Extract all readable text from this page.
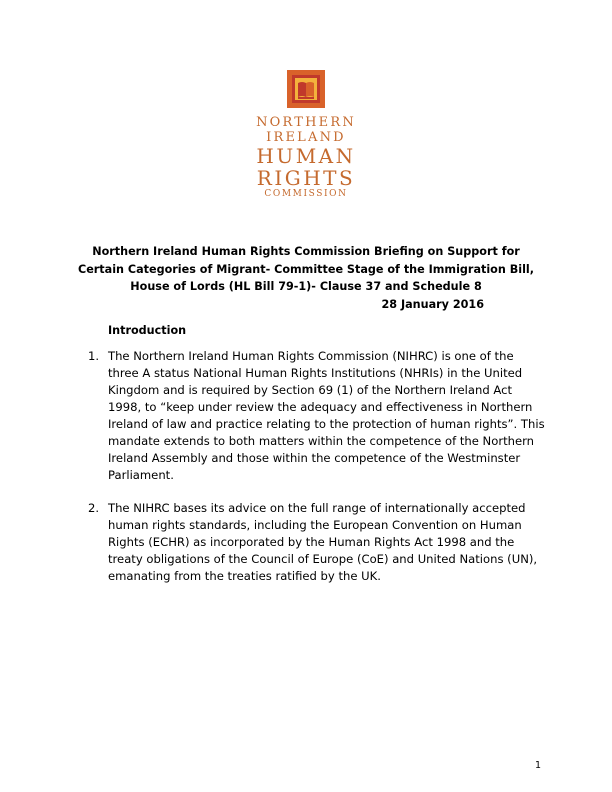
NORTHERN
IRELAND
HUMAN
RIGHTS
COMMISSION
Northern Ireland Human Rights Commission Briefing on Support for
Certain Categories of Migrant- Committee Stage of the Immigration Bill,
House of Lords (HL Bill 79-1)- Clause 37 and Schedule 8
28 January 2016
Introduction
1. The Northern Ireland Human Rights Commission (NIHRC) is one of the three A status National Human Rights Institutions (NHRIs) in the United Kingdom and is required by Section 69 (1) of the Northern Ireland Act 1998, to “keep under review the adequacy and effectiveness in Northern Ireland of law and practice relating to the protection of human rights”. This mandate extends to both matters within the competence of the Northern Ireland Assembly and those within the competence of the Westminster Parliament.
2. The NIHRC bases its advice on the full range of internationally accepted human rights standards, including the European Convention on Human Rights (ECHR) as incorporated by the Human Rights Act 1998 and the treaty obligations of the Council of Europe (CoE) and United Nations (UN), emanating from the treaties ratified by the UK.
1
